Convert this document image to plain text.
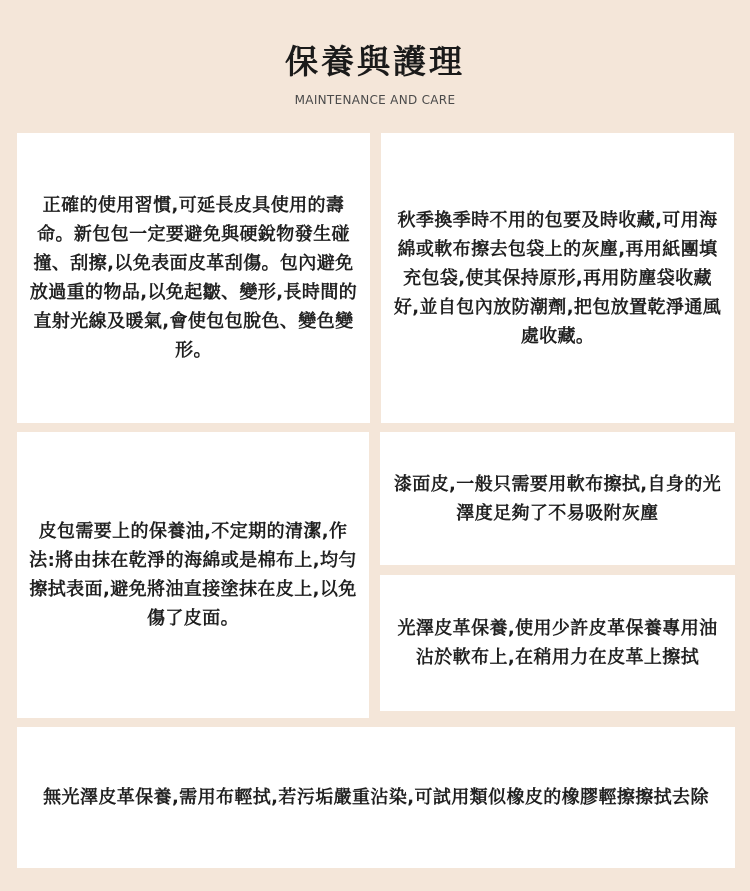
保養與護理
MAINTENANCE AND CARE

正確的使用習慣,可延長皮具使用的壽命。新包包一定要避免與硬銳物發生碰撞、刮擦,以免表面皮革刮傷。包內避免放過重的物品,以免起皺、變形,長時間的直射光線及暖氣,會使包包脫色、變色變形。

秋季換季時不用的包要及時收藏,可用海綿或軟布擦去包袋上的灰塵,再用紙團填充包袋,使其保持原形,再用防塵袋收藏好,並自包內放防潮劑,把包放置乾淨通風處收藏。

皮包需要上的保養油,不定期的清潔,作法:將由抹在乾淨的海綿或是棉布上,均勻擦拭表面,避免將油直接塗抹在皮上,以免傷了皮面。

漆面皮,一般只需要用軟布擦拭,自身的光澤度足夠了不易吸附灰塵

光澤皮革保養,使用少許皮革保養專用油沾於軟布上,在稍用力在皮革上擦拭

無光澤皮革保養,需用布輕拭,若污垢嚴重沾染,可試用類似橡皮的橡膠輕擦擦拭去除
